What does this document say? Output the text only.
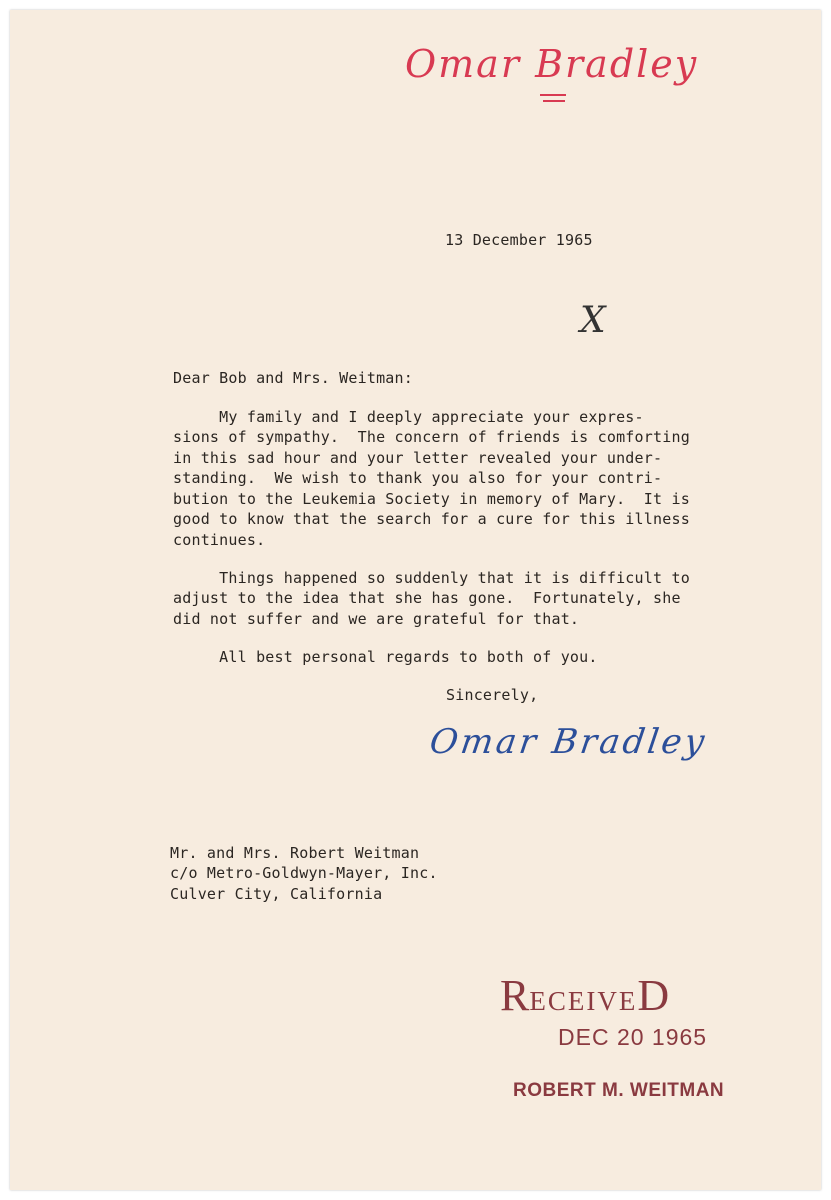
Omar Bradley
13 December 1965
X
Dear Bob and Mrs. Weitman:
My family and I deeply appreciate your expres-
sions of sympathy.  The concern of friends is comforting
in this sad hour and your letter revealed your under-
standing.  We wish to thank you also for your contri-
bution to the Leukemia Society in memory of Mary.  It is
good to know that the search for a cure for this illness
continues.
Things happened so suddenly that it is difficult to
adjust to the idea that she has gone.  Fortunately, she
did not suffer and we are grateful for that.
All best personal regards to both of you.
Sincerely,
Omar Bradley
Mr. and Mrs. Robert Weitman
c/o Metro-Goldwyn-Mayer, Inc.
Culver City, California
RECEIVED
DEC 20 1965
ROBERT M. WEITMAN
